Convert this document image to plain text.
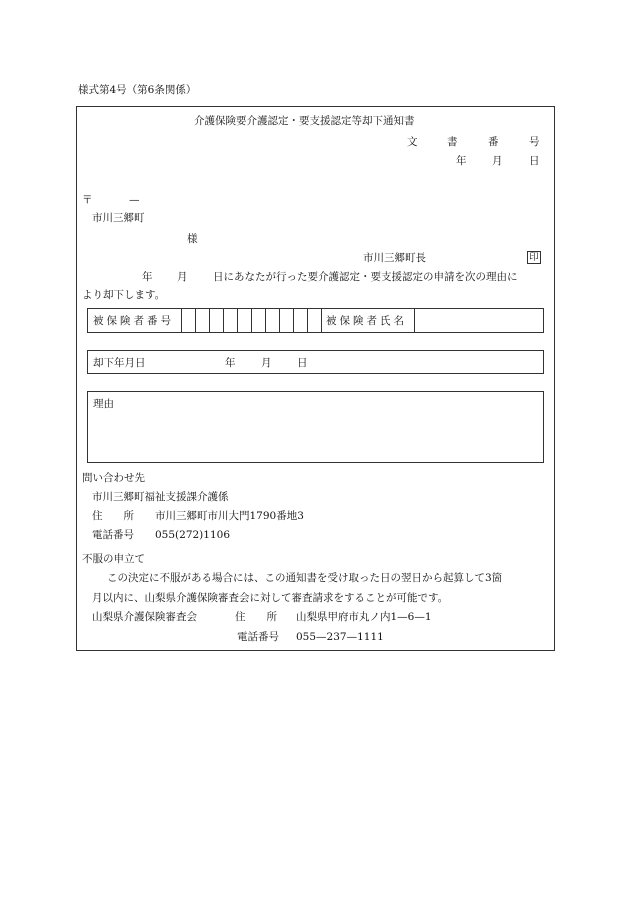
様式第4号（第6条関係）
介護保険要介護認定・要支援認定等却下通知書
文	書	番	号
年 月	日
〒	—
市川三郷町
様
市川三郷町長	印
年 月 日にあなたが行った要介護認定・要支援認定の申請を次の理由に
より却下します。
被保険者番号	被保険者氏名
却下年月日	年 月 日
理由
問い合わせ先
市川三郷町福祉支援課介護係
住　　所 市川三郷町市川大門1790番地3
電話番号 055(272)1106
不服の申立て
この決定に不服がある場合には、この通知書を受け取った日の翌日から起算して3箇
月以内に、山梨県介護保険審査会に対して審査請求をすることが可能です。
山梨県介護保険審査会	住　　所 山梨県甲府市丸ノ内1—6—1
電話番号 055—237—1111
